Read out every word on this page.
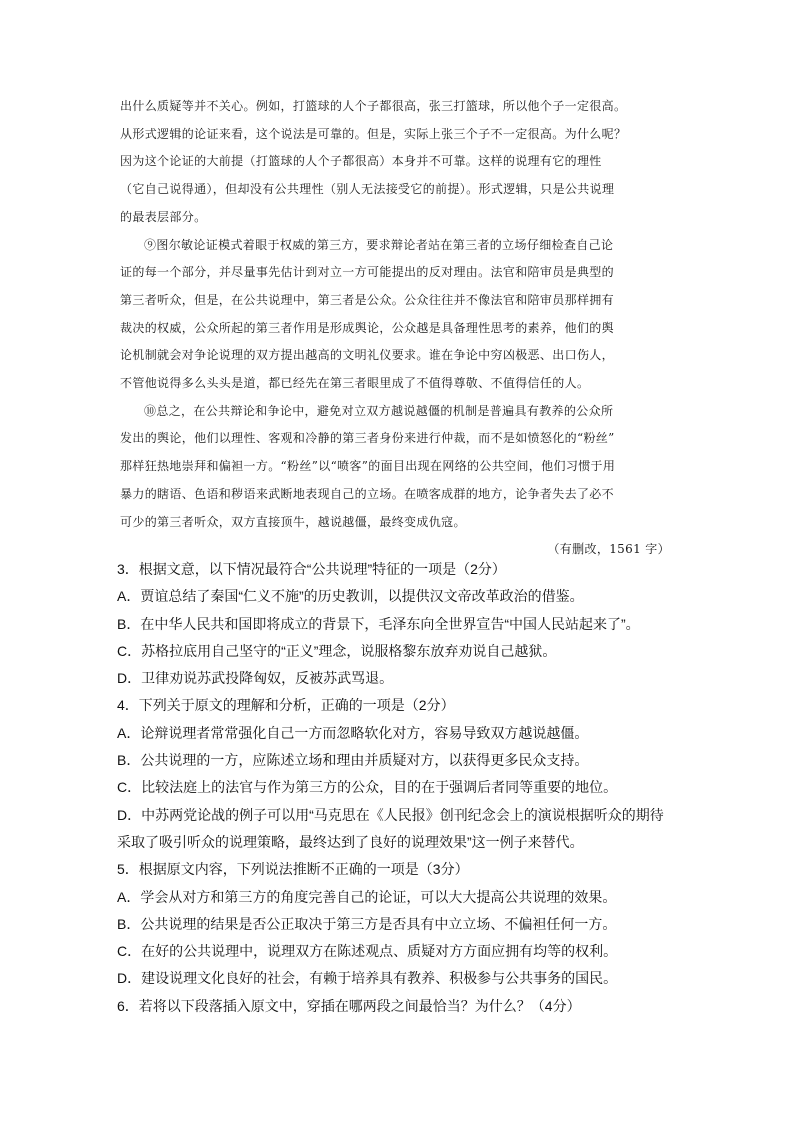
出什么质疑等并不关心。例如，打篮球的人个子都很高，张三打篮球，所以他个子一定很高。
从形式逻辑的论证来看，这个说法是可靠的。但是，实际上张三个子不一定很高。为什么呢？
因为这个论证的大前提（打篮球的人个子都很高）本身并不可靠。这样的说理有它的理性
（它自己说得通），但却没有公共理性（别人无法接受它的前提）。形式逻辑，只是公共说理
的最表层部分。

⑨图尔敏论证模式着眼于权威的第三方，要求辩论者站在第三者的立场仔细检查自己论
证的每一个部分，并尽量事先估计到对立一方可能提出的反对理由。法官和陪审员是典型的
第三者听众，但是，在公共说理中，第三者是公众。公众往往并不像法官和陪审员那样拥有
裁决的权威，公众所起的第三者作用是形成舆论，公众越是具备理性思考的素养，他们的舆
论机制就会对争论说理的双方提出越高的文明礼仪要求。谁在争论中穷凶极恶、出口伤人，
不管他说得多么头头是道，都已经先在第三者眼里成了不值得尊敬、不值得信任的人。

⑩总之，在公共辩论和争论中，避免对立双方越说越僵的机制是普遍具有教养的公众所
发出的舆论，他们以理性、客观和冷静的第三者身份来进行仲裁，而不是如愤怒化的“粉丝”
那样狂热地崇拜和偏袒一方。“粉丝”以“喷客”的面目出现在网络的公共空间，他们习惯于用
暴力的瞎语、色语和秽语来武断地表现自己的立场。在喷客成群的地方，论争者失去了必不
可少的第三者听众，双方直接顶牛，越说越僵，最终变成仇寇。

（有删改，1561 字）
3．根据文意，以下情况最符合“公共说理”特征的一项是（2分）
A．贾谊总结了秦国“仁义不施”的历史教训，以提供汉文帝改革政治的借鉴。
B．在中华人民共和国即将成立的背景下，毛泽东向全世界宣告“中国人民站起来了”。
C．苏格拉底用自己坚守的“正义”理念，说服格黎东放弃劝说自己越狱。
D．卫律劝说苏武投降匈奴，反被苏武骂退。
4．下列关于原文的理解和分析，正确的一项是（2分）
A．论辩说理者常常强化自己一方而忽略软化对方，容易导致双方越说越僵。
B．公共说理的一方，应陈述立场和理由并质疑对方，以获得更多民众支持。
C．比较法庭上的法官与作为第三方的公众，目的在于强调后者同等重要的地位。
D．中苏两党论战的例子可以用“马克思在《人民报》创刊纪念会上的演说根据听众的期待
采取了吸引听众的说理策略，最终达到了良好的说理效果”这一例子来替代。
5．根据原文内容，下列说法推断不正确的一项是（3分）
A．学会从对方和第三方的角度完善自己的论证，可以大大提高公共说理的效果。
B．公共说理的结果是否公正取决于第三方是否具有中立立场、不偏袒任何一方。
C．在好的公共说理中，说理双方在陈述观点、质疑对方方面应拥有均等的权利。
D．建设说理文化良好的社会，有赖于培养具有教养、积极参与公共事务的国民。
6．若将以下段落插入原文中，穿插在哪两段之间最恰当？为什么？（4分）
